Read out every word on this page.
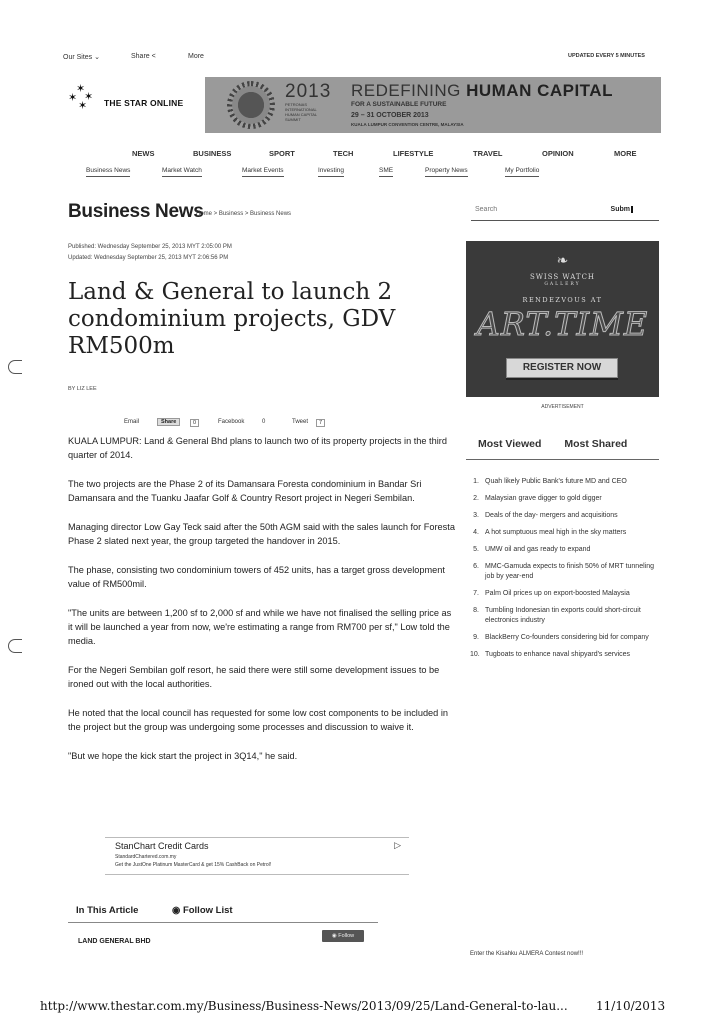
Our Sites ⌄	Share <	More	UPDATED EVERY 5 MINUTES
✶
✶ ✶
✶ THE STAR ONLINE
2013
PETRONAS INTERNATIONAL HUMAN CAPITAL SUMMIT
REDEFINING HUMAN CAPITAL
FOR A SUSTAINABLE FUTURE
29 – 31 OCTOBER 2013
KUALA LUMPUR CONVENTION CENTRE, MALAYSIA
NEWS	BUSINESS	SPORT	TECH	LIFESTYLE	TRAVEL	OPINION	MORE
Business News	Market Watch	Market Events	Investing	SME	Property News	My Portfolio
Business News
Home > Business > Business News
Search
Subm
Published: Wednesday September 25, 2013 MYT 2:05:00 PM
Updated: Wednesday September 25, 2013 MYT 2:06:56 PM
Land & General to launch 2 condominium projects, GDV RM500m
BY LIZ LEE
❧
SWISS WATCH
GALLERY
RENDEZVOUS AT
ART.TIME
REGISTER NOW
ADVERTISEMENT
Email	Share	0	Facebook	0	Tweet	7

KUALA LUMPUR: Land & General Bhd plans to launch two of its property projects in the third quarter of 2014.

The two projects are the Phase 2 of its Damansara Foresta condominium in Bandar Sri Damansara and the Tuanku Jaafar Golf & Country Resort project in Negeri Sembilan.

Managing director Low Gay Teck said after the 50th AGM said with the sales launch for Foresta Phase 2 slated next year, the group targeted the handover in 2015.

The phase, consisting two condominium towers of 452 units, has a target gross development value of RM500mil.

"The units are between 1,200 sf to 2,000 sf and while we have not finalised the selling price as it will be launched a year from now, we're estimating a range from RM700 per sf," Low told the media.

For the Negeri Sembilan golf resort, he said there were still some development issues to be ironed out with the local authorities.

He noted that the local council has requested for some low cost components to be included in the project but the group was undergoing some processes and discussion to waive it.

"But we hope the kick start the project in 3Q14," he said.

Most Viewed Most Shared
1. Quah likely Public Bank's future MD and CEO
2. Malaysian grave digger to gold digger
3. Deals of the day- mergers and acquisitions
4. A hot sumptuous meal high in the sky matters
5. UMW oil and gas ready to expand
6. MMC-Gamuda expects to finish 50% of MRT tunneling job by year-end
7. Palm Oil prices up on export-boosted Malaysia
8. Tumbling Indonesian tin exports could short-circuit electronics industry
9. BlackBerry Co-founders considering bid for company
10. Tugboats to enhance naval shipyard's services
StanChart Credit Cards
StandardChartered.com.my
Get the JustOne Platinum MasterCard & get 15% CashBack on Petrol!
▷
In This Article	◉ Follow List
LAND GENERAL BHD
◉ Follow
Enter the Kisahku ALMERA Contest now!!!
http://www.thestar.com.my/Business/Business-News/2013/09/25/Land-General-to-lau... 11/10/2013
